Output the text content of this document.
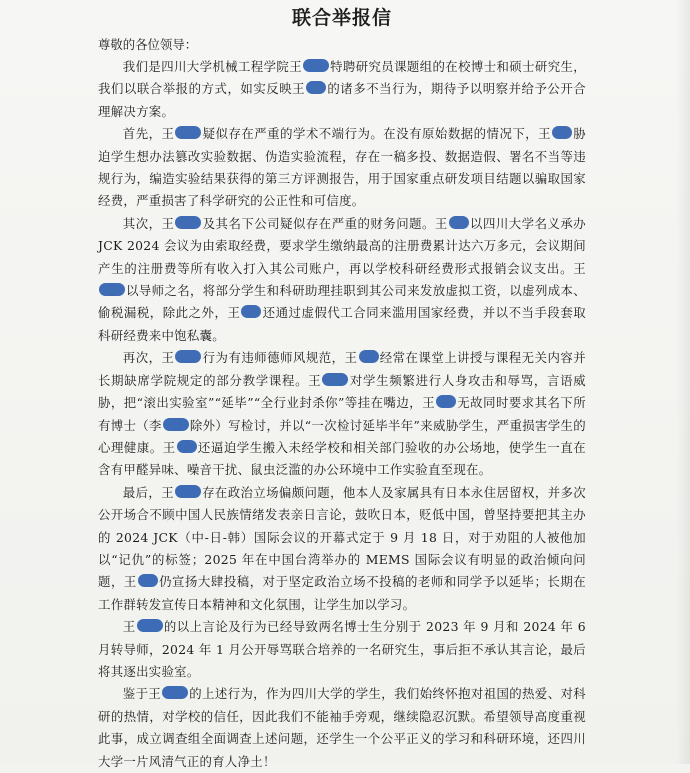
联合举报信
尊敬的各位领导：

我们是四川大学机械工程学院王 特聘研究员课题组的在校博士和硕士研究生，我们以联合举报的方式，如实反映王 的诸多不当行为，期待予以明察并给予公开合理解决方案。

首先，王 疑似存在严重的学术不端行为。在没有原始数据的情况下，王 胁迫学生想办法篡改实验数据、伪造实验流程，存在一稿多投、数据造假、署名不当等违规行为，编造实验结果获得的第三方评测报告，用于国家重点研发项目结题以骗取国家经费，严重损害了科学研究的公正性和可信度。

其次，王 及其名下公司疑似存在严重的财务问题。王 以四川大学名义承办 JCK 2024 会议为由索取经费，要求学生缴纳最高的注册费累计达六万多元，会议期间产生的注册费等所有收入打入其公司账户，再以学校科研经费形式报销会议支出。王以导师之名，将部分学生和科研助理挂职到其公司来发放虚拟工资，以虚列成本、偷税漏税，除此之外，王 还通过虚假代工合同来滥用国家经费，并以不当手段套取科研经费来中饱私囊。

再次，王 行为有违师德师风规范，王 经常在课堂上讲授与课程无关内容并长期缺席学院规定的部分教学课程。王 对学生频繁进行人身攻击和辱骂，言语威胁，把“滚出实验室”“延毕”“全行业封杀你”等挂在嘴边，王 无故同时要求其名下所有博士（李 除外）写检讨，并以“一次检讨延毕半年”来威胁学生，严重损害学生的心理健康。王 还逼迫学生搬入未经学校和相关部门验收的办公场地，使学生一直在含有甲醛异味、噪音干扰、鼠虫泛滥的办公环境中工作实验直至现在。

最后，王 存在政治立场偏颇问题，他本人及家属具有日本永住居留权，并多次公开场合不顾中国人民族情绪发表亲日言论，鼓吹日本，贬低中国，曾坚持要把其主办的 2024 JCK（中-日-韩）国际会议的开幕式定于 9 月 18 日，对于劝阻的人被他加以“记仇”的标签；2025 年在中国台湾举办的 MEMS 国际会议有明显的政治倾向问题，王 仍宣扬大肆投稿，对于坚定政治立场不投稿的老师和同学予以延毕；长期在工作群转发宣传日本精神和文化氛围，让学生加以学习。

王 的以上言论及行为已经导致两名博士生分别于 2023 年 9 月和 2024 年 6 月转导师，2024 年 1 月公开辱骂联合培养的一名研究生，事后拒不承认其言论，最后将其逐出实验室。

鉴于王 的上述行为，作为四川大学的学生，我们始终怀抱对祖国的热爱、对科研的热情，对学校的信任，因此我们不能袖手旁观，继续隐忍沉默。希望领导高度重视此事，成立调查组全面调查上述问题，还学生一个公平正义的学习和科研环境，还四川大学一片风清气正的育人净土！
